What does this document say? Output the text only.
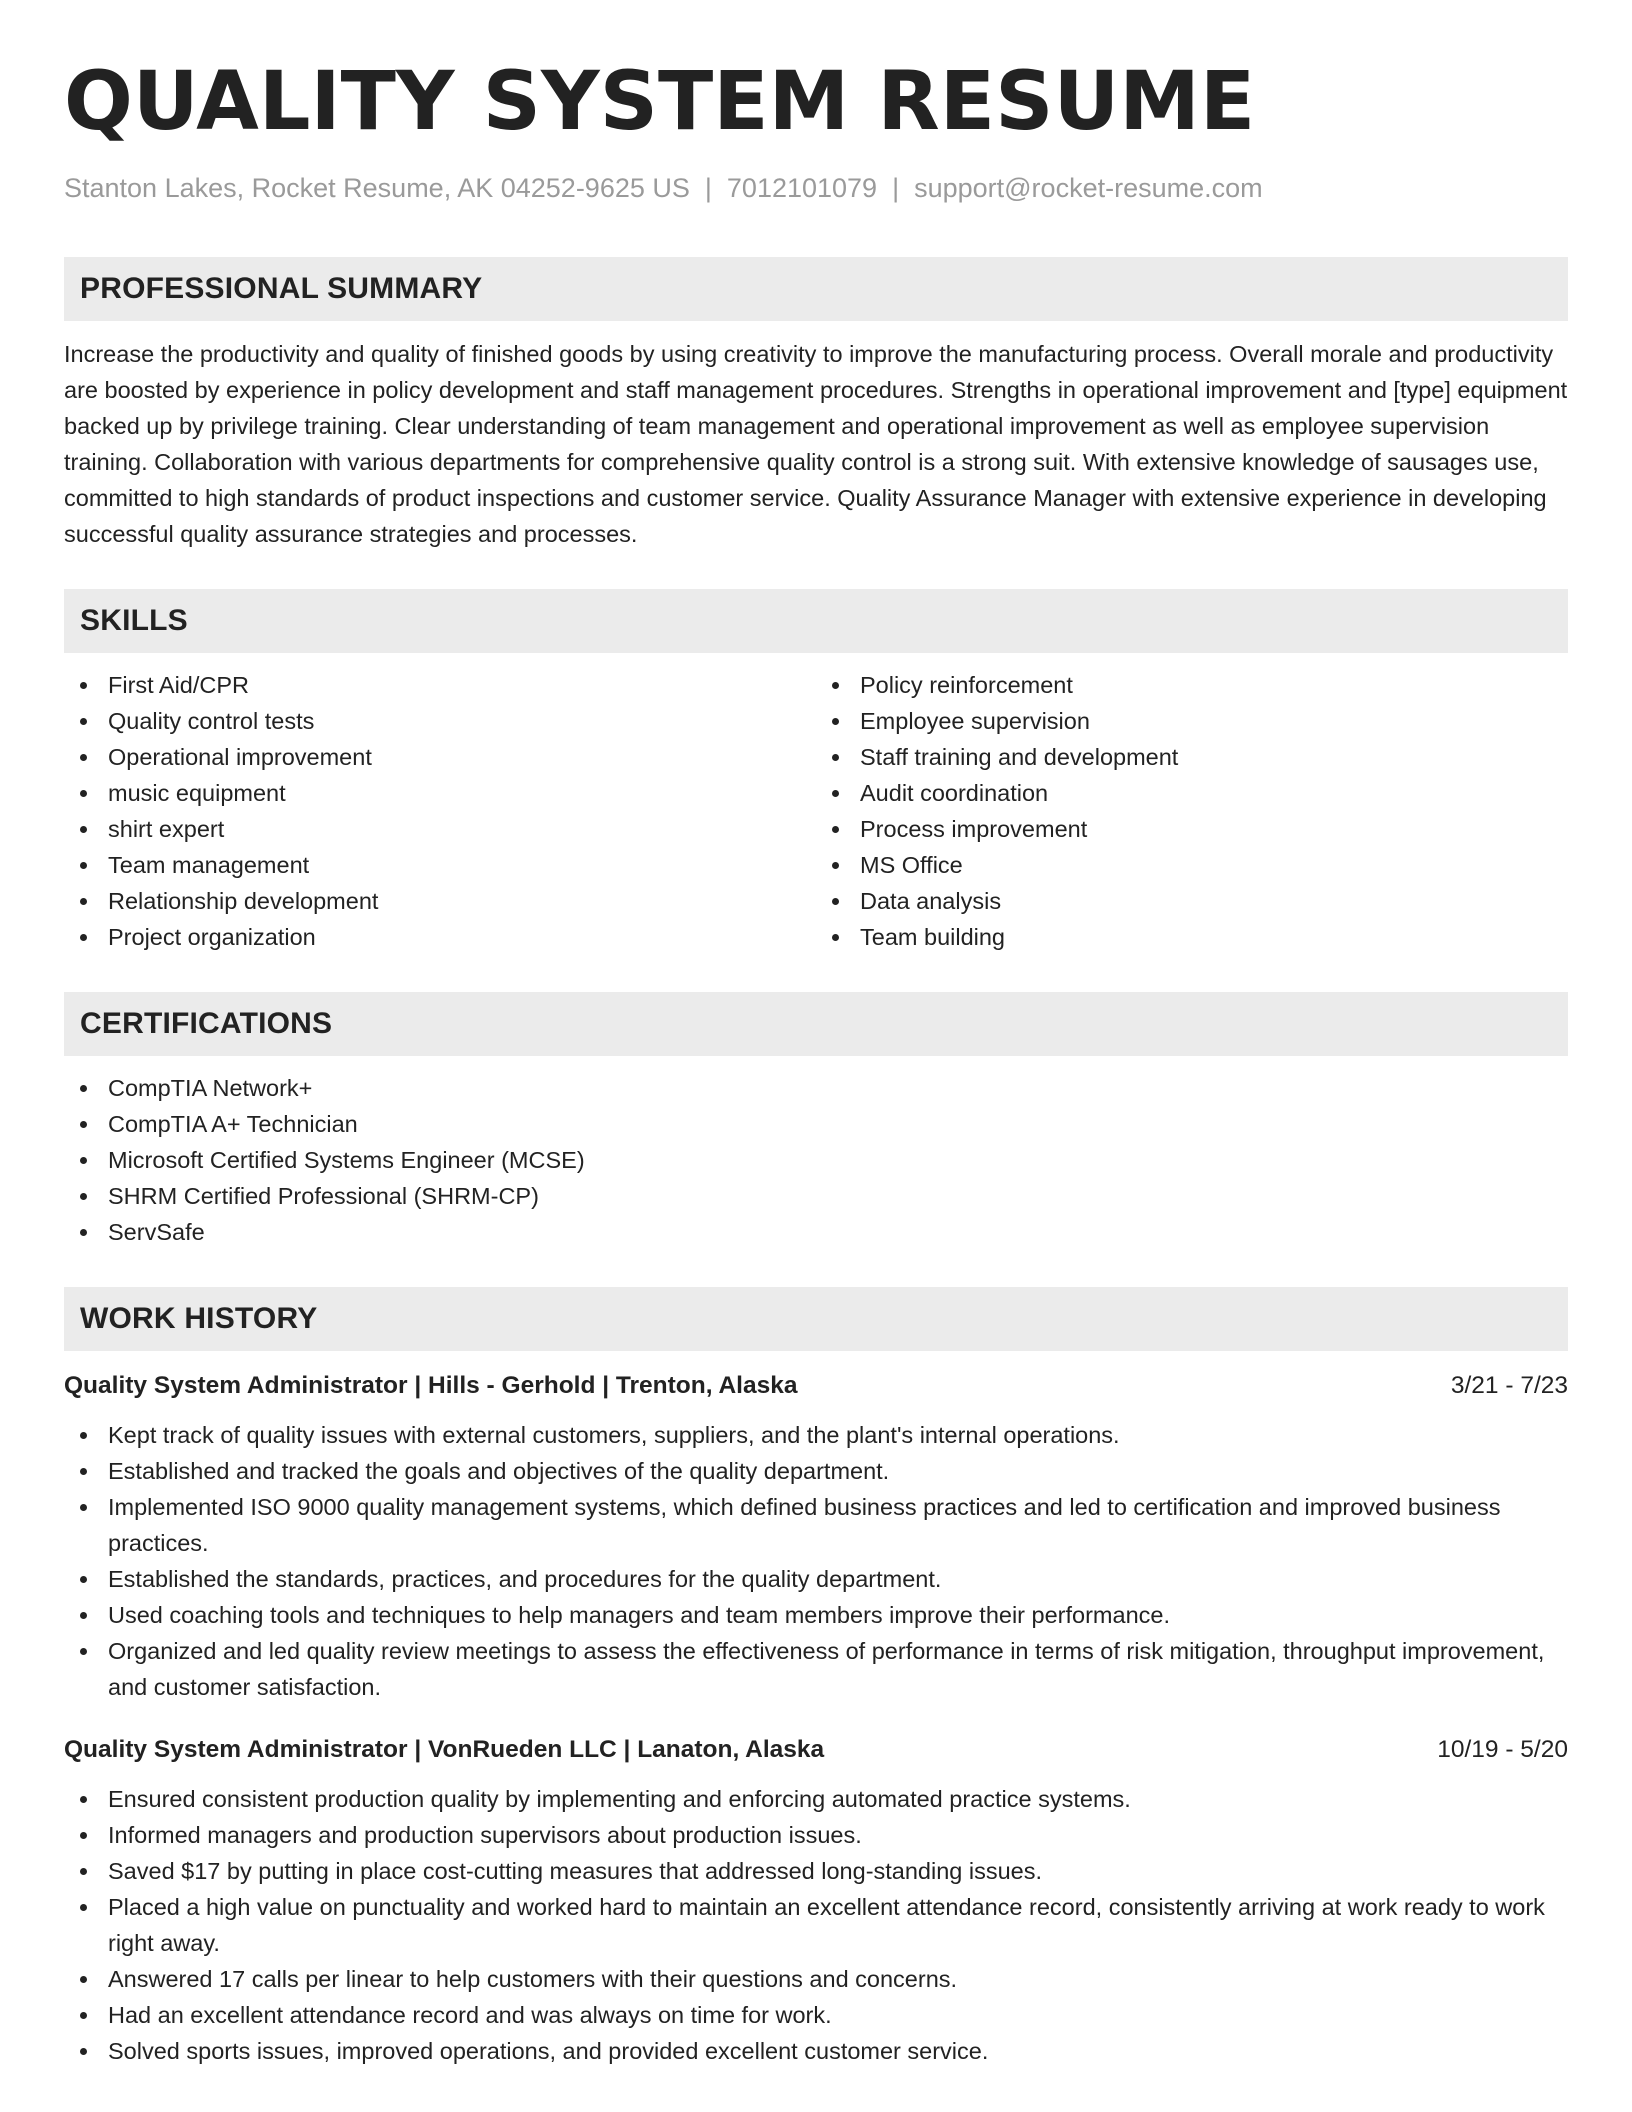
QUALITY SYSTEM RESUME
Stanton Lakes, Rocket Resume, AK 04252-9625 US | 7012101079 | support@rocket-resume.com
PROFESSIONAL SUMMARY

Increase the productivity and quality of finished goods by using creativity to improve the manufacturing process. Overall morale and productivity are boosted by experience in policy development and staff management procedures. Strengths in operational improvement and [type] equipment backed up by privilege training. Clear understanding of team management and operational improvement as well as employee supervision training. Collaboration with various departments for comprehensive quality control is a strong suit. With extensive knowledge of sausages use, committed to high standards of product inspections and customer service. Quality Assurance Manager with extensive experience in developing successful quality assurance strategies and processes.

SKILLS
First Aid/CPR
Quality control tests
Operational improvement
music equipment
shirt expert
Team management
Relationship development
Project organization
Policy reinforcement
Employee supervision
Staff training and development
Audit coordination
Process improvement
MS Office
Data analysis
Team building
CERTIFICATIONS
CompTIA Network+
CompTIA A+ Technician
Microsoft Certified Systems Engineer (MCSE)
SHRM Certified Professional (SHRM-CP)
ServSafe
WORK HISTORY
Quality System Administrator | Hills - Gerhold | Trenton, Alaska	3/21 - 7/23
Kept track of quality issues with external customers, suppliers, and the plant's internal operations.
Established and tracked the goals and objectives of the quality department.
Implemented ISO 9000 quality management systems, which defined business practices and led to certification and improved business practices.
Established the standards, practices, and procedures for the quality department.
Used coaching tools and techniques to help managers and team members improve their performance.
Organized and led quality review meetings to assess the effectiveness of performance in terms of risk mitigation, throughput improvement, and customer satisfaction.
Quality System Administrator | VonRueden LLC | Lanaton, Alaska	10/19 - 5/20
Ensured consistent production quality by implementing and enforcing automated practice systems.
Informed managers and production supervisors about production issues.
Saved $17 by putting in place cost-cutting measures that addressed long-standing issues.
Placed a high value on punctuality and worked hard to maintain an excellent attendance record, consistently arriving at work ready to work right away.
Answered 17 calls per linear to help customers with their questions and concerns.
Had an excellent attendance record and was always on time for work.
Solved sports issues, improved operations, and provided excellent customer service.
